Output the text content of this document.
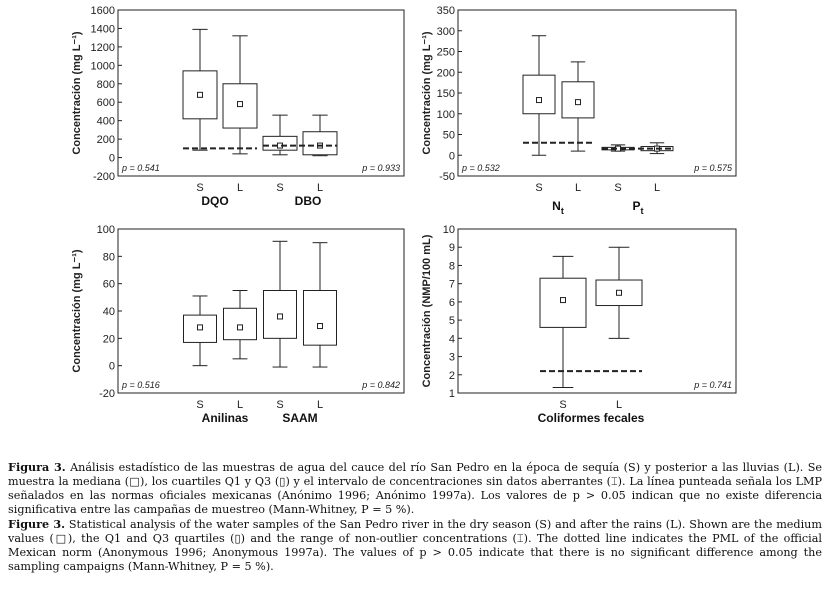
-200
0
200
400
600
800
1000
1200
1400
1600
Concentración (mg L⁻¹)
p = 0.541	p = 0.933
S	L
DQO
S	L
DBO
-50
0
50
100
150
200
250
300
350
Concentración (mg L⁻¹)
p = 0.532	p = 0.575
S	L
$N_t$
S	L
$P_t$
-20
0
20
40
60
80
100
Concentración (mg L⁻¹)
p = 0.516	p = 0.842
S	L
Anilinas
S	L
SAAM
1
2
3
4
5
6
7
8
9
10
Concentración (NMP/100 mL)	p = 0.741
S	L
Coliformes fecales

Figura 3. Análisis estadístico de las muestras de agua del cauce del río San Pedro en la época de sequía (S) y posterior a las lluvias (L). Se muestra la mediana (□), los cuartiles Q1 y Q3 (▯) y el intervalo de concentraciones sin datos aberrantes (⌶). La línea punteada señala los LMP señalados en las normas oficiales mexicanas (Anónimo 1996; Anónimo 1997a). Los valores de p > 0.05 indican que no existe diferencia significativa entre las campañas de muestreo (Mann-Whitney, P = 5 %).

Figure 3. Statistical analysis of the water samples of the San Pedro river in the dry season (S) and after the rains (L). Shown are the medium values (□), the Q1 and Q3 quartiles (▯) and the range of non-outlier concentrations (⌶). The dotted line indicates the PML of the official Mexican norm (Anonymous 1996; Anonymous 1997a). The values of p > 0.05 indicate that there is no significant difference among the sampling campaigns (Mann-Whitney, P = 5 %).
